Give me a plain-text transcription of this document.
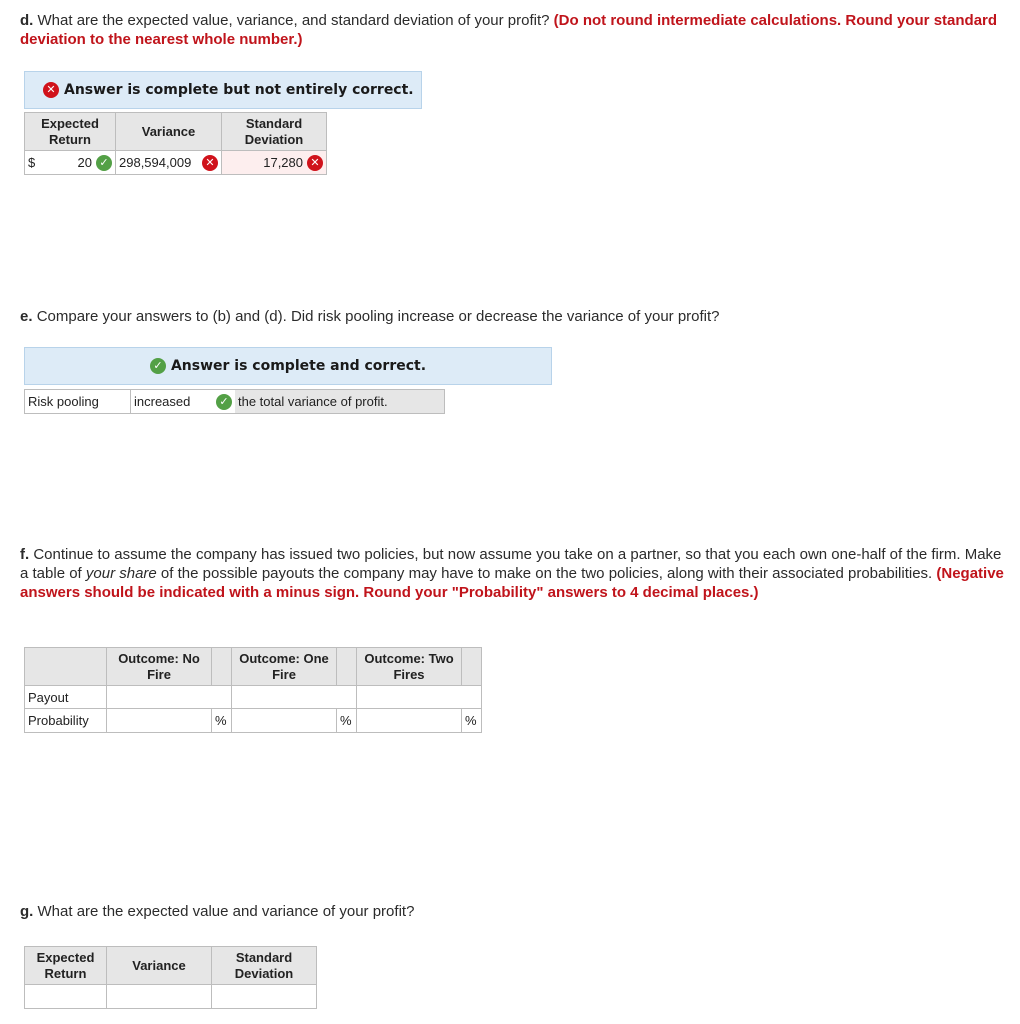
d. What are the expected value, variance, and standard deviation of your profit? (Do not round intermediate calculations. Round your standard deviation to the nearest whole number.)
✕ Answer is complete but not entirely correct.
Expected Return	Variance	Standard Deviation

$ 20 ✓	298,594,009 ✕	17,280 ✕
e. Compare your answers to (b) and (d). Did risk pooling increase or decrease the variance of your profit?
✓ Answer is complete and correct.
Risk pooling	increased	✓	the total variance of profit.
f. Continue to assume the company has issued two policies, but now assume you take on a partner, so that you each own one-half of the firm. Make a table of your share of the possible payouts the company may have to make on the two policies, along with their associated probabilities. (Negative answers should be indicated with a minus sign. Round your "Probability" answers to 4 decimal places.)
	Outcome: No Fire		Outcome: One Fire		Outcome: Two Fires	
Payout						
Probability		%		%		%
g. What are the expected value and variance of your profit?
Expected Return	Variance	Standard Deviation
